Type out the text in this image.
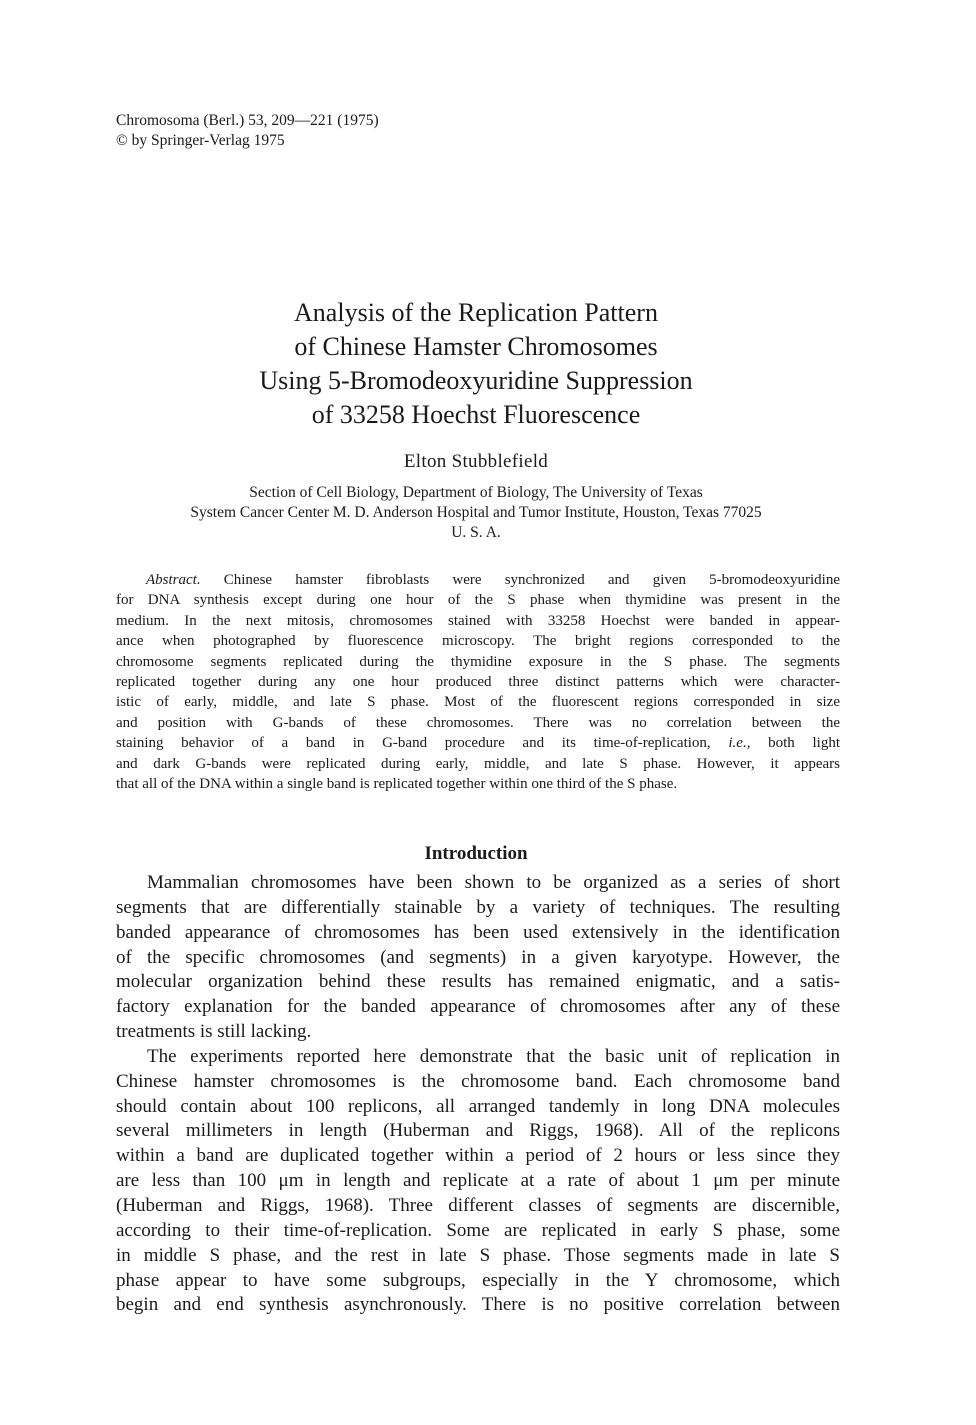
Chromosoma (Berl.) 53, 209—221 (1975)
© by Springer-Verlag 1975
Analysis of the Replication Pattern
of Chinese Hamster Chromosomes
Using 5-Bromodeoxyuridine Suppression
of 33258 Hoechst Fluorescence
Elton Stubblefield
Section of Cell Biology, Department of Biology, The University of Texas
System Cancer Center M. D. Anderson Hospital and Tumor Institute, Houston, Texas 77025
U. S. A.
Abstract. Chinese hamster fibroblasts were synchronized and given 5-bromodeoxyuridine
for DNA synthesis except during one hour of the S phase when thymidine was present in the
medium. In the next mitosis, chromosomes stained with 33258 Hoechst were banded in appear-
ance when photographed by fluorescence microscopy. The bright regions corresponded to the
chromosome segments replicated during the thymidine exposure in the S phase. The segments
replicated together during any one hour produced three distinct patterns which were character-
istic of early, middle, and late S phase. Most of the fluorescent regions corresponded in size
and position with G-bands of these chromosomes. There was no correlation between the
staining behavior of a band in G-band procedure and its time-of-replication, i.e., both light
and dark G-bands were replicated during early, middle, and late S phase. However, it appears
that all of the DNA within a single band is replicated together within one third of the S phase.
Introduction
Mammalian chromosomes have been shown to be organized as a series of short
segments that are differentially stainable by a variety of techniques. The resulting
banded appearance of chromosomes has been used extensively in the identification
of the specific chromosomes (and segments) in a given karyotype. However, the
molecular organization behind these results has remained enigmatic, and a satis-
factory explanation for the banded appearance of chromosomes after any of these
treatments is still lacking.
The experiments reported here demonstrate that the basic unit of replication in
Chinese hamster chromosomes is the chromosome band. Each chromosome band
should contain about 100 replicons, all arranged tandemly in long DNA molecules
several millimeters in length (Huberman and Riggs, 1968). All of the replicons
within a band are duplicated together within a period of 2 hours or less since they
are less than 100 μm in length and replicate at a rate of about 1 μm per minute
(Huberman and Riggs, 1968). Three different classes of segments are discernible,
according to their time-of-replication. Some are replicated in early S phase, some
in middle S phase, and the rest in late S phase. Those segments made in late S
phase appear to have some subgroups, especially in the Y chromosome, which
begin and end synthesis asynchronously. There is no positive correlation between
